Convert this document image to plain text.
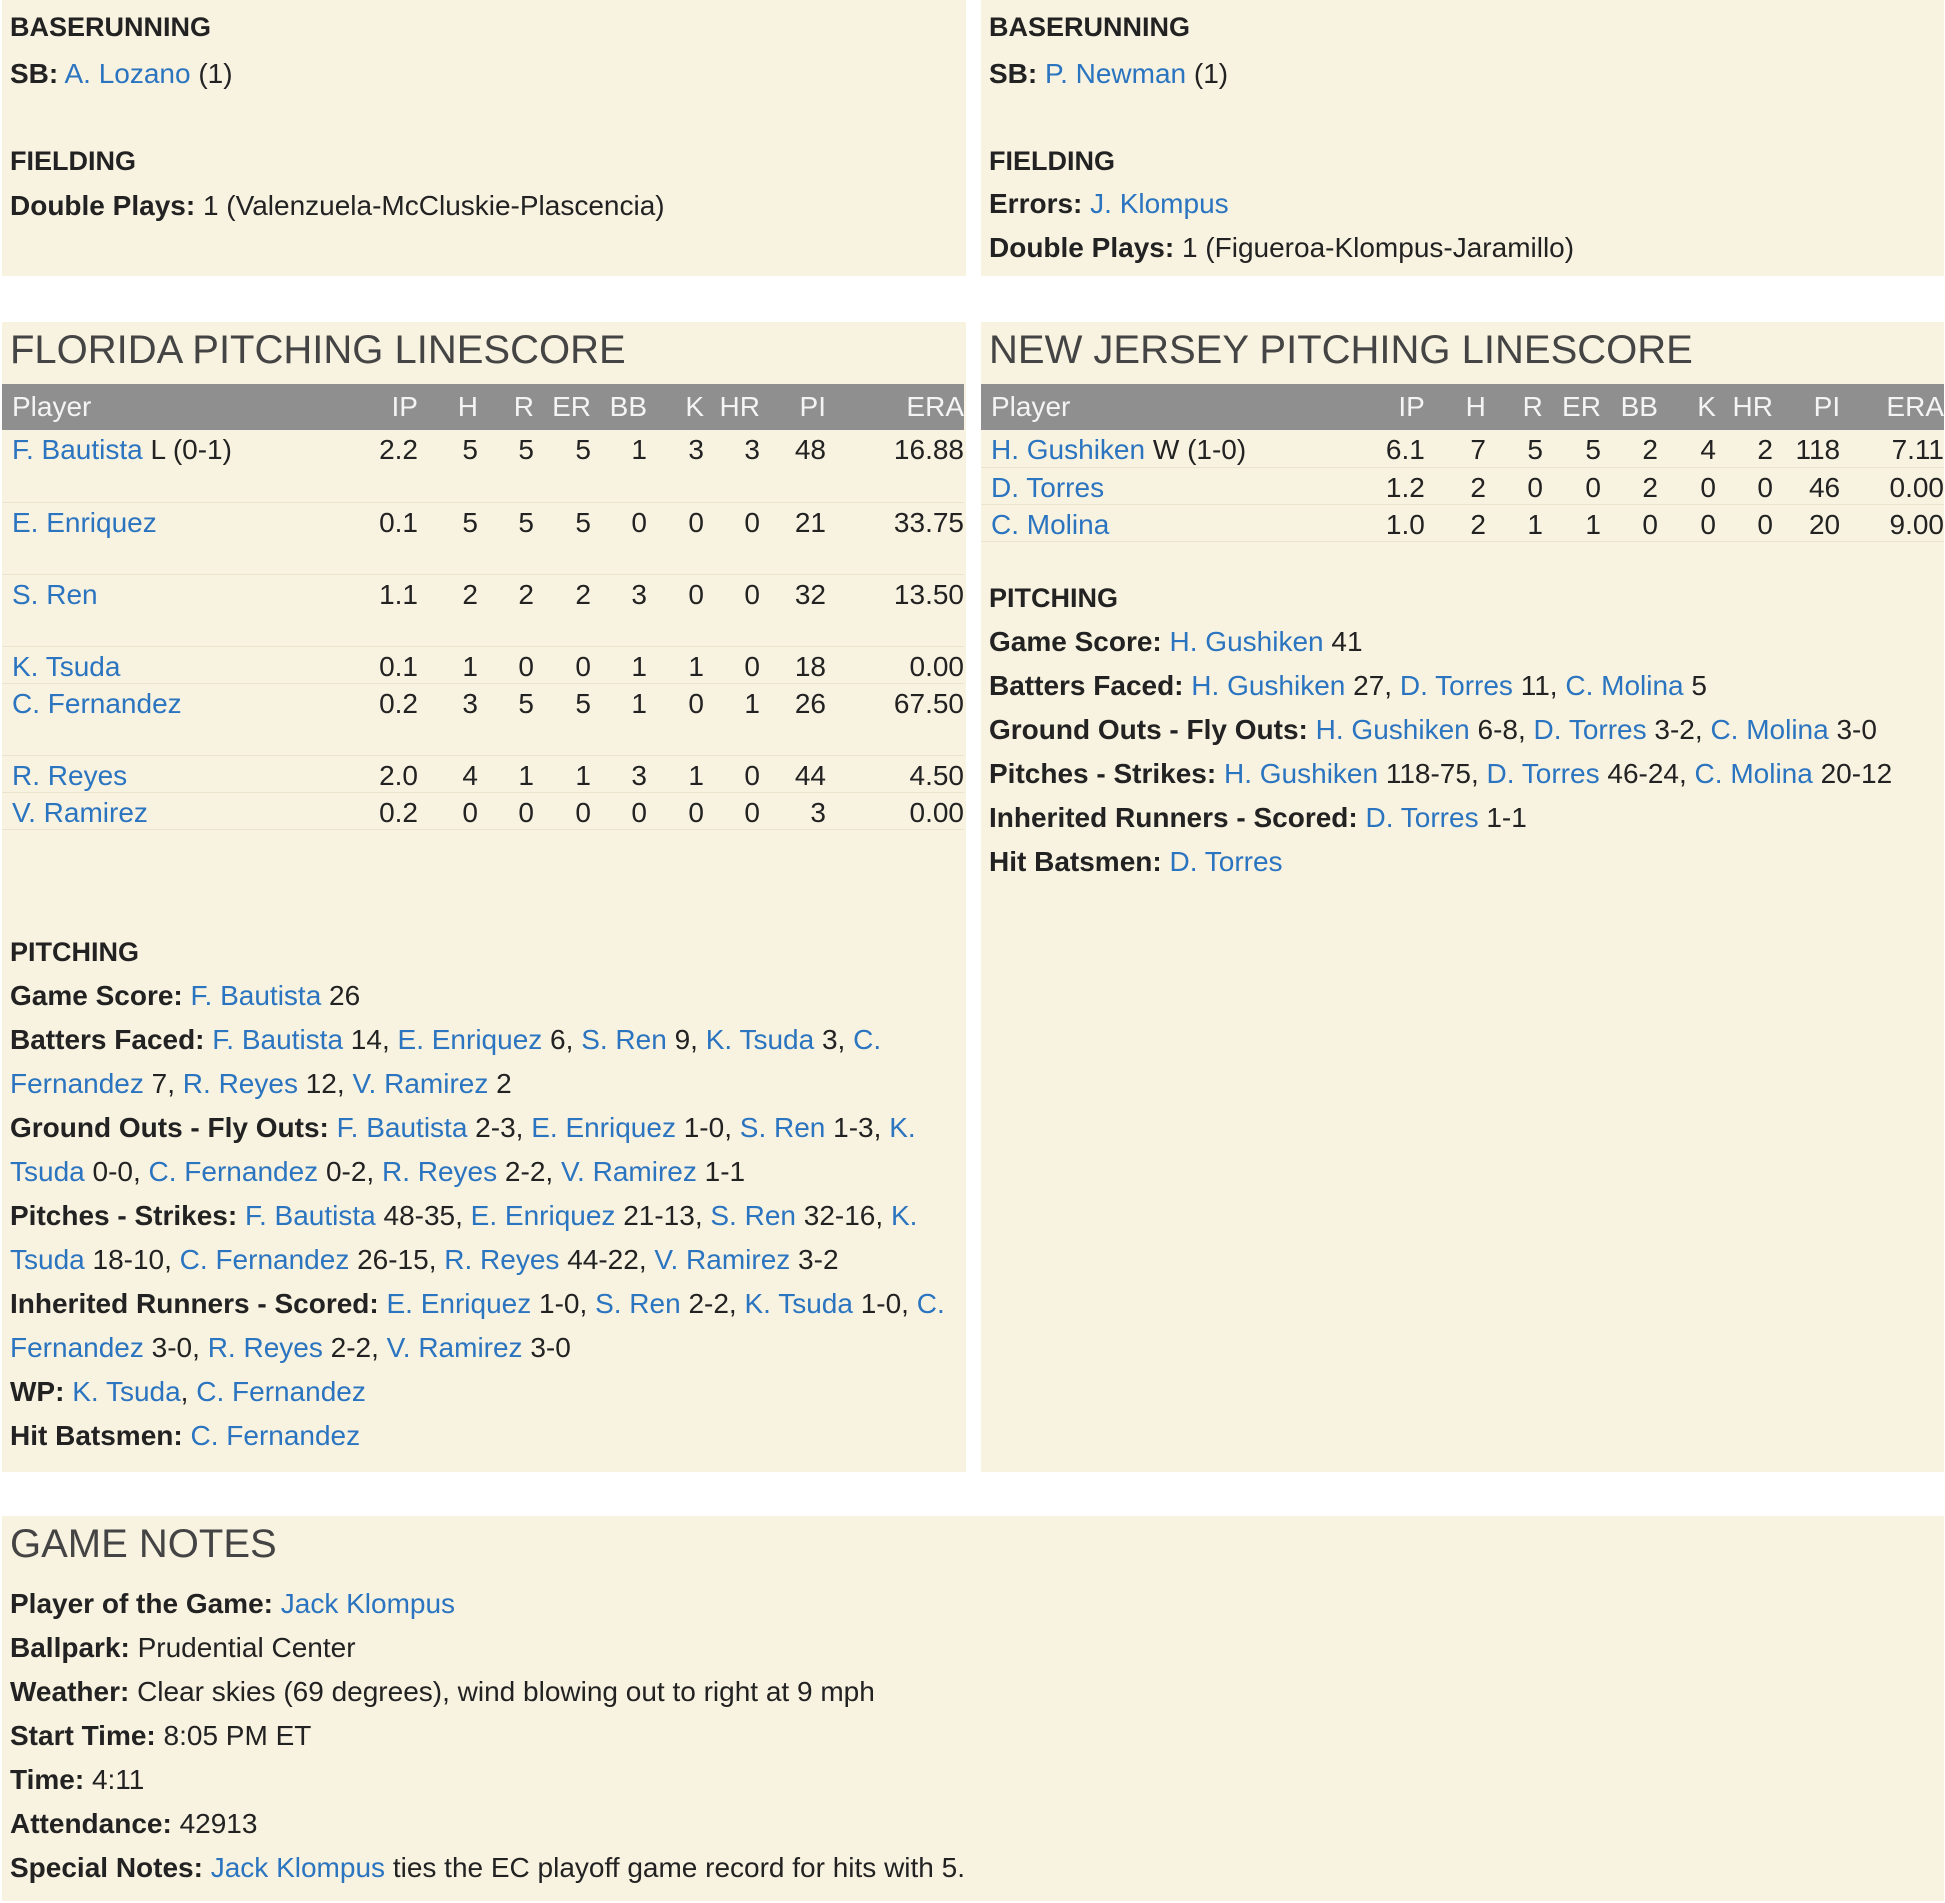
BASERUNNING
SB: A. Lozano (1)
FIELDING
Double Plays: 1 (Valenzuela-McCluskie-Plascencia)
BASERUNNING
SB: P. Newman (1)
FIELDING
Errors: J. Klompus
Double Plays: 1 (Figueroa-Klompus-Jaramillo)
FLORIDA PITCHING LINESCORE
Player	IP	H	R	ER	BB	K	HR	PI	ERA
F. Bautista L (0-1)	2.2	5	5	5	1	3	3	48	16.88
E. Enriquez	0.1	5	5	5	0	0	0	21	33.75
S. Ren	1.1	2	2	2	3	0	0	32	13.50
K. Tsuda	0.1	1	0	0	1	1	0	18	0.00
C. Fernandez	0.2	3	5	5	1	0	1	26	67.50
R. Reyes	2.0	4	1	1	3	1	0	44	4.50
V. Ramirez	0.2	0	0	0	0	0	0	3	0.00
PITCHING
Game Score: F. Bautista 26
Batters Faced: F. Bautista 14, E. Enriquez 6, S. Ren 9, K. Tsuda 3, C. Fernandez 7, R. Reyes 12, V. Ramirez 2
Ground Outs - Fly Outs: F. Bautista 2-3, E. Enriquez 1-0, S. Ren 1-3, K. Tsuda 0-0, C. Fernandez 0-2, R. Reyes 2-2, V. Ramirez 1-1
Pitches - Strikes: F. Bautista 48-35, E. Enriquez 21-13, S. Ren 32-16, K. Tsuda 18-10, C. Fernandez 26-15, R. Reyes 44-22, V. Ramirez 3-2
Inherited Runners - Scored: E. Enriquez 1-0, S. Ren 2-2, K. Tsuda 1-0, C. Fernandez 3-0, R. Reyes 2-2, V. Ramirez 3-0
WP: K. Tsuda, C. Fernandez
Hit Batsmen: C. Fernandez
NEW JERSEY PITCHING LINESCORE
Player	IP	H	R	ER	BB	K	HR	PI	ERA
H. Gushiken W (1-0)	6.1	7	5	5	2	4	2	118	7.11
D. Torres	1.2	2	0	0	2	0	0	46	0.00
C. Molina	1.0	2	1	1	0	0	0	20	9.00
PITCHING
Game Score: H. Gushiken 41
Batters Faced: H. Gushiken 27, D. Torres 11, C. Molina 5
Ground Outs - Fly Outs: H. Gushiken 6-8, D. Torres 3-2, C. Molina 3-0
Pitches - Strikes: H. Gushiken 118-75, D. Torres 46-24, C. Molina 20-12
Inherited Runners - Scored: D. Torres 1-1
Hit Batsmen: D. Torres
GAME NOTES
Player of the Game: Jack Klompus
Ballpark: Prudential Center
Weather: Clear skies (69 degrees), wind blowing out to right at 9 mph
Start Time: 8:05 PM ET
Time: 4:11
Attendance: 42913
Special Notes: Jack Klompus ties the EC playoff game record for hits with 5.
